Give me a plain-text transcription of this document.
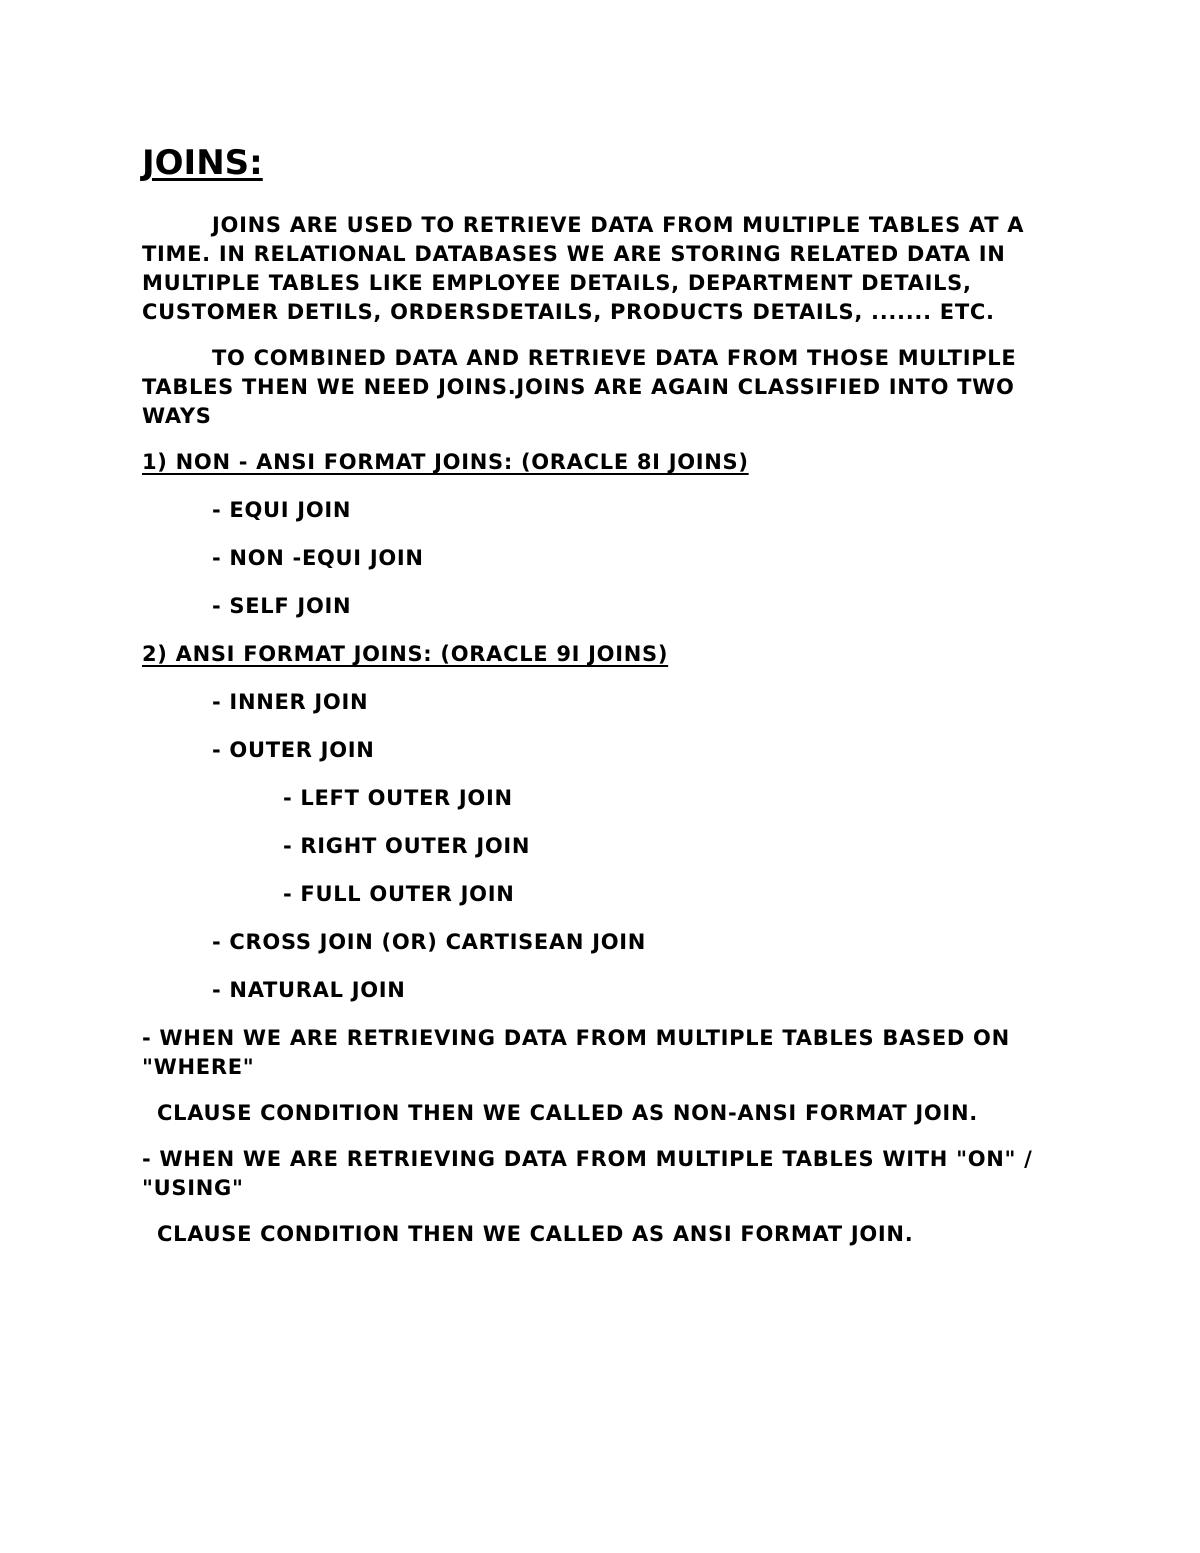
JOINS:

JOINS ARE USED TO RETRIEVE DATA FROM MULTIPLE TABLES AT A TIME. IN RELATIONAL DATABASES WE ARE STORING RELATED DATA IN MULTIPLE TABLES LIKE EMPLOYEE DETAILS, DEPARTMENT DETAILS, CUSTOMER DETILS, ORDERSDETAILS, PRODUCTS DETAILS, ....... ETC.

TO COMBINED DATA AND RETRIEVE DATA FROM THOSE MULTIPLE TABLES THEN WE NEED JOINS.JOINS ARE AGAIN CLASSIFIED INTO TWO WAYS

1) NON - ANSI FORMAT JOINS: (ORACLE 8I JOINS)
- EQUI JOIN
- NON -EQUI JOIN
- SELF JOIN
2) ANSI FORMAT JOINS: (ORACLE 9I JOINS)
- INNER JOIN
- OUTER JOIN
- LEFT OUTER JOIN
- RIGHT OUTER JOIN
- FULL OUTER JOIN
- CROSS JOIN (OR) CARTISEAN JOIN
- NATURAL JOIN

- WHEN WE ARE RETRIEVING DATA FROM MULTIPLE TABLES BASED ON "WHERE"

CLAUSE CONDITION THEN WE CALLED AS NON-ANSI FORMAT JOIN.

- WHEN WE ARE RETRIEVING DATA FROM MULTIPLE TABLES WITH "ON" / "USING"

CLAUSE CONDITION THEN WE CALLED AS ANSI FORMAT JOIN.
